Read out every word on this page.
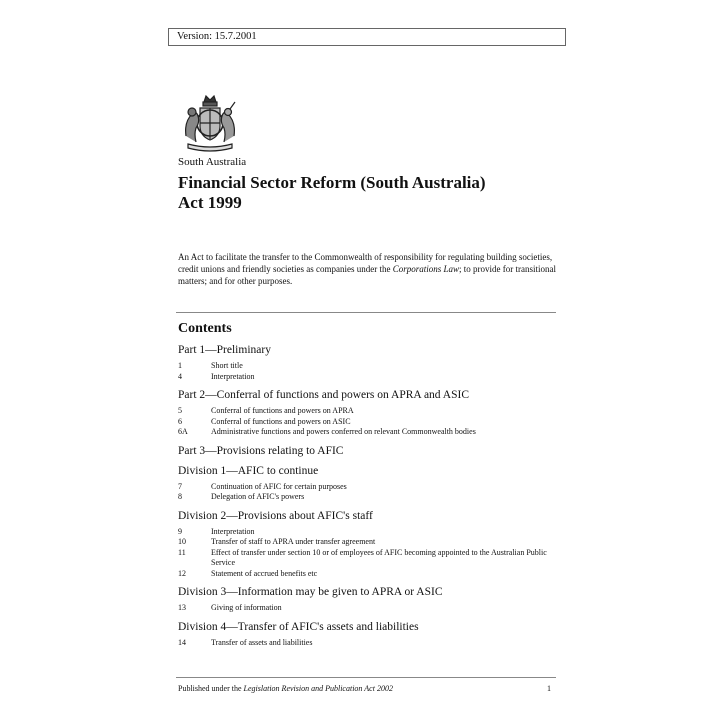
Version: 15.7.2001
South Australia
Financial Sector Reform (South Australia)
Act 1999
An Act to facilitate the transfer to the Commonwealth of responsibility for regulating building societies, credit unions and friendly societies as companies under the Corporations Law; to provide for transitional matters; and for other purposes.
Contents
Part 1—Preliminary
1	Short title
4	Interpretation
Part 2—Conferral of functions and powers on APRA and ASIC
5	Conferral of functions and powers on APRA
6	Conferral of functions and powers on ASIC
6A	Administrative functions and powers conferred on relevant Commonwealth bodies
Part 3—Provisions relating to AFIC
Division 1—AFIC to continue
7	Continuation of AFIC for certain purposes
8	Delegation of AFIC's powers
Division 2—Provisions about AFIC's staff
9	Interpretation
10	Transfer of staff to APRA under transfer agreement
11	Effect of transfer under section 10 or of employees of AFIC becoming appointed to the Australian Public Service
12	Statement of accrued benefits etc
Division 3—Information may be given to APRA or ASIC
13	Giving of information
Division 4—Transfer of AFIC's assets and liabilities
14	Transfer of assets and liabilities
Published under the Legislation Revision and Publication Act 2002	1
